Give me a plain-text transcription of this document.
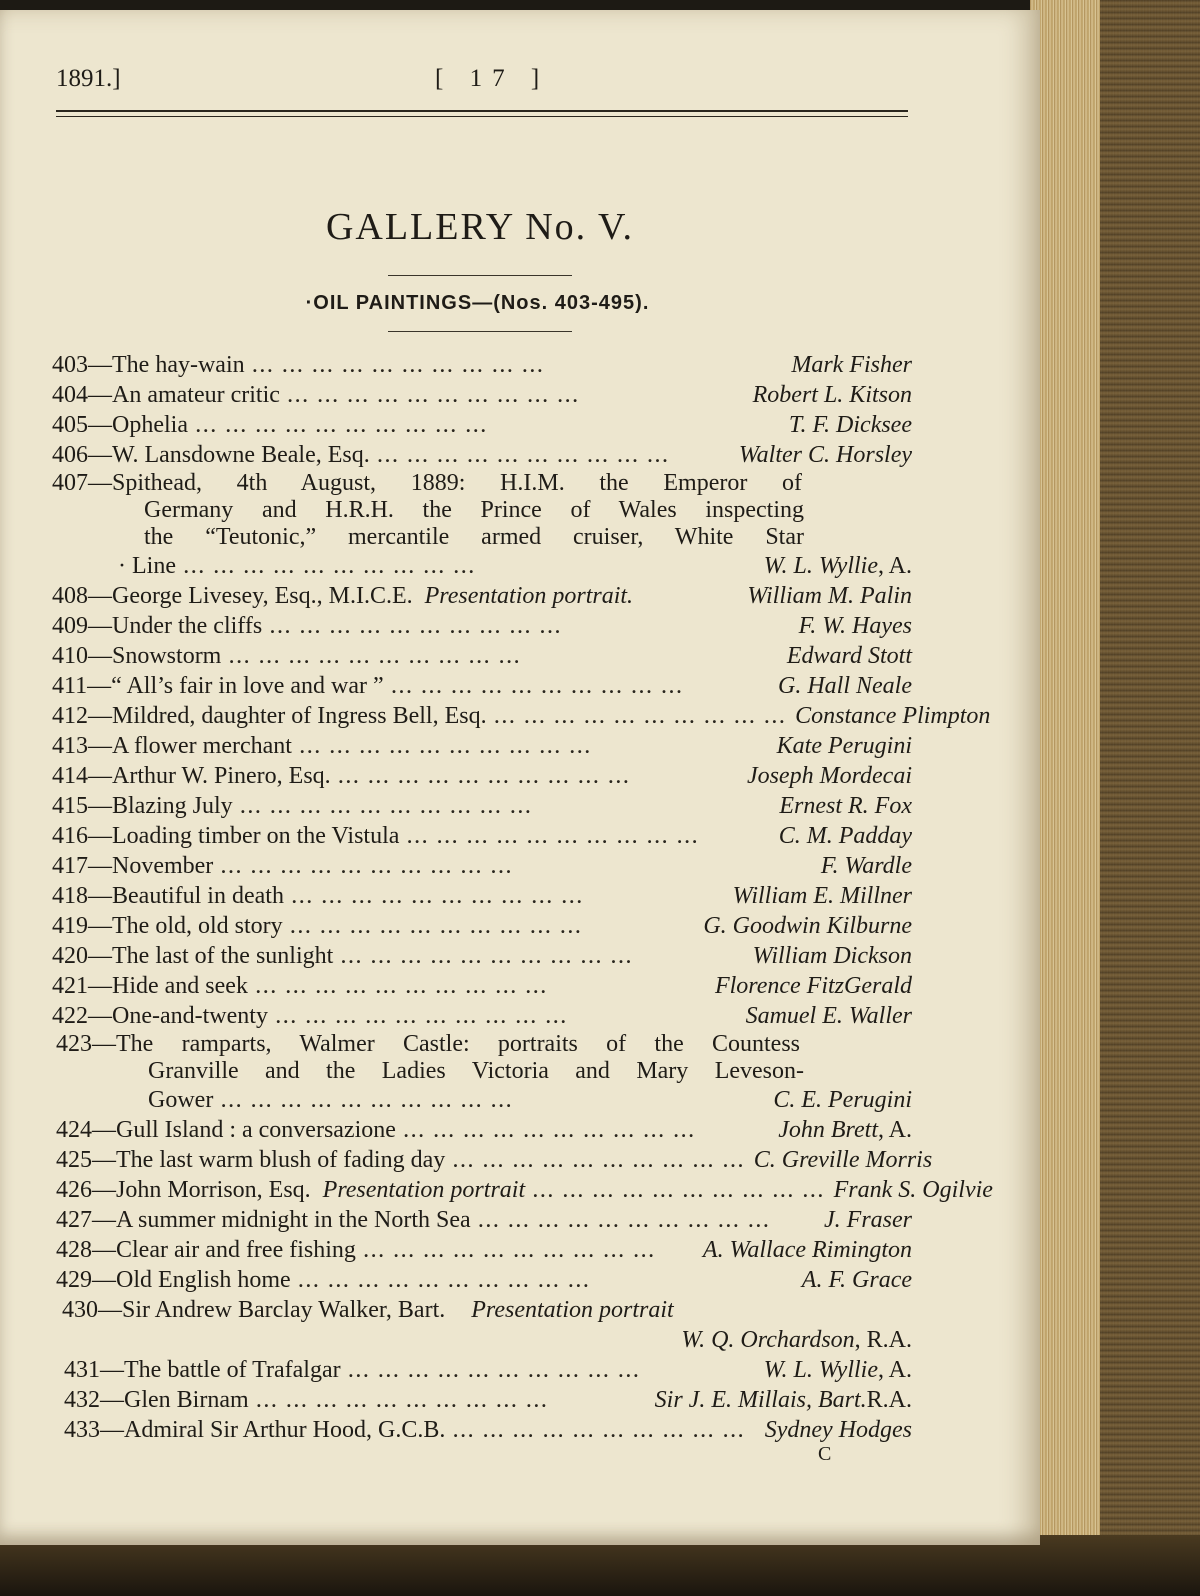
1891.]	[ 17 ]
GALLERY No. V.
·OIL PAINTINGS—(Nos. 403-495).
403 — The hay-wain ... ... ... ... ... ... ... ... ... ...	Mark Fisher
404 — An amateur critic ... ... ... ... ... ... ... ... ... ...	Robert L. Kitson
405 — Ophelia ... ... ... ... ... ... ... ... ... ...	T. F. Dicksee
406 — W. Lansdowne Beale, Esq. ... ... ... ... ... ... ... ... ... ...	Walter C. Horsley
407 — Spithead, 4th August, 1889: H.I.M. the Emperor of
Germany and H.R.H. the Prince of Wales inspecting
the “Teutonic,” mercantile armed cruiser, White Star
· Line ... ... ... ... ... ... ... ... ... ...	W. L. Wyllie , A.
408 — George Livesey, Esq., M.I.C.E. Presentation portrait.	William M. Palin
409 — Under the cliffs ... ... ... ... ... ... ... ... ... ...	F. W. Hayes
410 — Snowstorm ... ... ... ... ... ... ... ... ... ...	Edward Stott
411 — “ All’s fair in love and war ” ... ... ... ... ... ... ... ... ... ...	G. Hall Neale
412 — Mildred, daughter of Ingress Bell, Esq. ... ... ... ... ... ... ... ... ... ... Constance Plimpton
413 — A flower merchant ... ... ... ... ... ... ... ... ... ...	Kate Perugini
414 — Arthur W. Pinero, Esq. ... ... ... ... ... ... ... ... ... ...	Joseph Mordecai
415 — Blazing July ... ... ... ... ... ... ... ... ... ...	Ernest R. Fox
416 — Loading timber on the Vistula ... ... ... ... ... ... ... ... ... ...	C. M. Padday
417 — November ... ... ... ... ... ... ... ... ... ...	F. Wardle
418 — Beautiful in death ... ... ... ... ... ... ... ... ... ...	William E. Millner
419 — The old, old story ... ... ... ... ... ... ... ... ... ...	G. Goodwin Kilburne
420 — The last of the sunlight ... ... ... ... ... ... ... ... ... ...	William Dickson
421 — Hide and seek ... ... ... ... ... ... ... ... ... ...	Florence FitzGerald
422 — One-and-twenty ... ... ... ... ... ... ... ... ... ...	Samuel E. Waller
423 — The ramparts, Walmer Castle: portraits of the Countess
Granville and the Ladies Victoria and Mary Leveson-
Gower ... ... ... ... ... ... ... ... ... ...	C. E. Perugini
424 — Gull Island : a conversazione ... ... ... ... ... ... ... ... ... ...	John Brett , A.
425 — The last warm blush of fading day ... ... ... ... ... ... ... ... ... ... C. Greville Morris
426 — John Morrison, Esq. Presentation portrait ... ... ... ... ... ... ... ... ... ... Frank S. Ogilvie
427 — A summer midnight in the North Sea ... ... ... ... ... ... ... ... ... ...	J. Fraser
428 — Clear air and free fishing ... ... ... ... ... ... ... ... ... ...	A. Wallace Rimington
429 — Old English home ... ... ... ... ... ... ... ... ... ...	A. F. Grace
430 — Sir Andrew Barclay Walker, Bart. Presentation portrait
W. Q. Orchardson, R.A.
431 — The battle of Trafalgar ... ... ... ... ... ... ... ... ... ...	W. L. Wyllie , A.
432 — Glen Birnam ... ... ... ... ... ... ... ... ... ...	Sir J. E. Millais, Bart. R.A.
433 — Admiral Sir Arthur Hood, G.C.B. ... ... ... ... ... ... ... ... ... ... Sydney Hodges
C
